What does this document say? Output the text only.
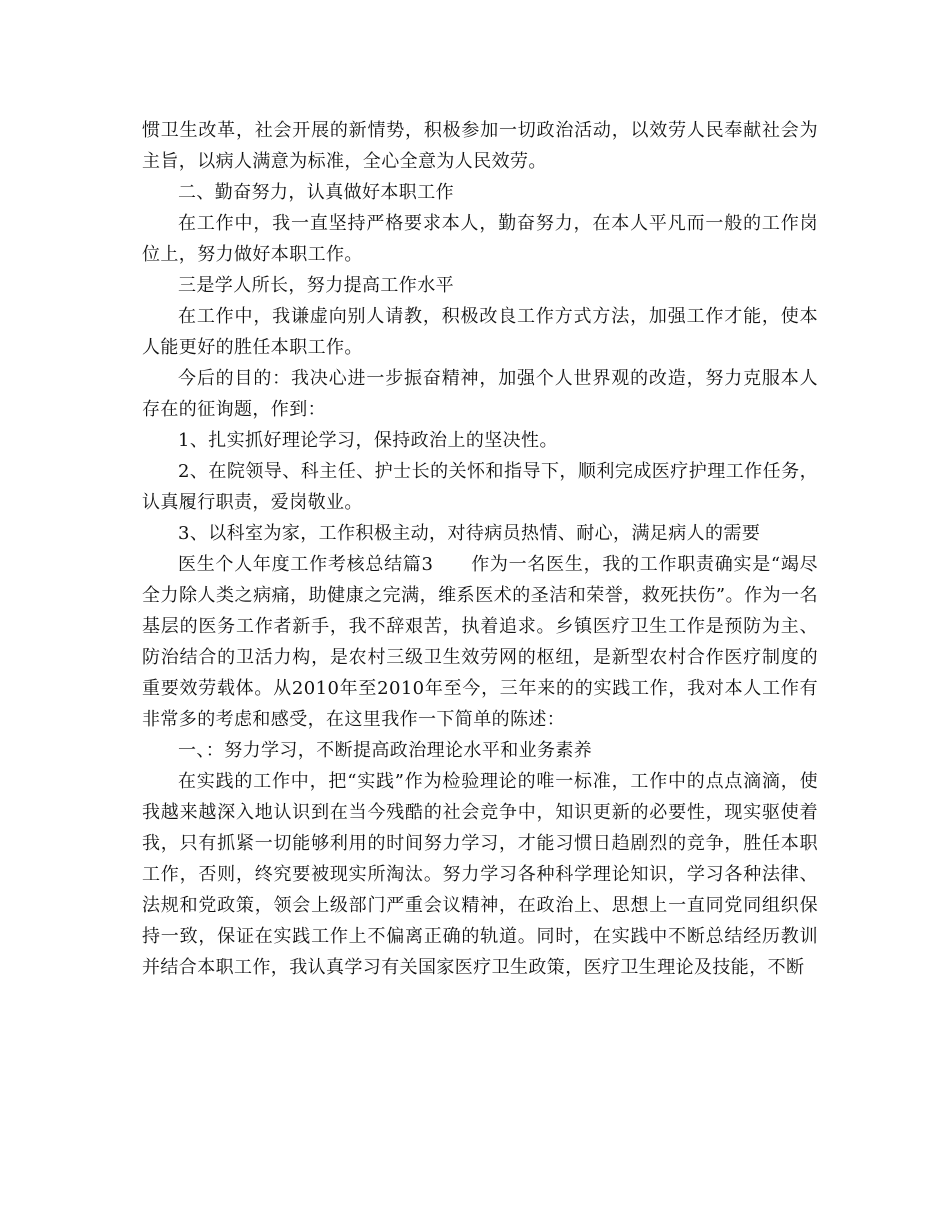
惯卫生改革，社会开展的新情势，积极参加一切政治活动，以效劳人民奉献社会为主旨，以病人满意为标准，全心全意为人民效劳。

二、勤奋努力，认真做好本职工作

在工作中，我一直坚持严格要求本人，勤奋努力，在本人平凡而一般的工作岗位上，努力做好本职工作。

三是学人所长，努力提高工作水平

在工作中，我谦虚向别人请教，积极改良工作方式方法，加强工作才能，使本人能更好的胜任本职工作。

今后的目的：我决心进一步振奋精神，加强个人世界观的改造，努力克服本人存在的征询题，作到：

1、扎实抓好理论学习，保持政治上的坚决性。

2、在院领导、科主任、护士长的关怀和指导下，顺利完成医疗护理工作任务，认真履行职责，爱岗敬业。

3、以科室为家，工作积极主动，对待病员热情、耐心，满足病人的需要

医生个人年度工作考核总结篇3　　作为一名医生，我的工作职责确实是“竭尽全力除人类之病痛，助健康之完满，维系医术的圣洁和荣誉，救死扶伤”。作为一名基层的医务工作者新手，我不辞艰苦，执着追求。乡镇医疗卫生工作是预防为主、防治结合的卫活力构，是农村三级卫生效劳网的枢纽，是新型农村合作医疗制度的重要效劳载体。从2010年至2010年至今，三年来的的实践工作，我对本人工作有非常多的考虑和感受，在这里我作一下简单的陈述：

一、：努力学习，不断提高政治理论水平和业务素养

在实践的工作中，把“实践”作为检验理论的唯一标准，工作中的点点滴滴，使我越来越深入地认识到在当今残酷的社会竞争中，知识更新的必要性，现实驱使着我，只有抓紧一切能够利用的时间努力学习，才能习惯日趋剧烈的竞争，胜任本职工作，否则，终究要被现实所淘汰。努力学习各种科学理论知识，学习各种法律、法规和党政策，领会上级部门严重会议精神，在政治上、思想上一直同党同组织保持一致，保证在实践工作上不偏离正确的轨道。同时，在实践中不断总结经历教训并结合本职工作，我认真学习有关国家医疗卫生政策，医疗卫生理论及技能，不断
